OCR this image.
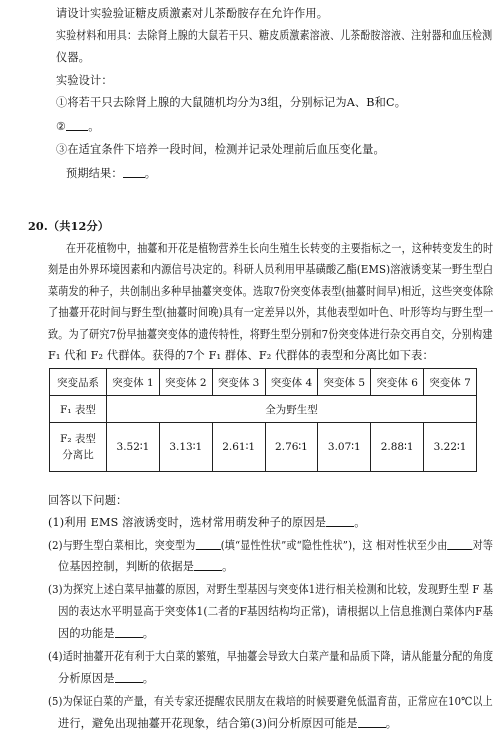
请设计实验验证糖皮质激素对儿茶酚胺存在允许作用。
实验材料和用具：去除肾上腺的大鼠若干只、糖皮质激素溶液、儿茶酚胺溶液、注射器和血压检测
仪器。
实验设计：
①将若干只去除肾上腺的大鼠随机均分为3组，分别标记为A、B和C。
② 。
③在适宜条件下培养一段时间，检测并记录处理前后血压变化量。
预期结果： 。
20.（共12分）
在开花植物中，抽薹和开花是植物营养生长向生殖生长转变的主要指标之一，这种转变发生的时
刻是由外界环境因素和内源信号决定的。科研人员利用甲基磺酸乙酯(EMS)溶液诱变某一野生型白
菜萌发的种子，共创制出多种早抽薹突变体。选取7份突变体表型(抽薹时间早)相近，这些突变体除
了抽薹开花时间与野生型(抽薹时间晚)具有一定差异以外，其他表型如叶色、叶形等均与野生型一
致。为了研究7份早抽薹突变体的遗传特性，将野生型分别和7份突变体进行杂交再自交，分别构建
F₁ 代和 F₂ 代群体。获得的7个 F₁ 群体、F₂ 代群体的表型和分离比如下表：
突变品系	突变体 1	突变体 2	突变体 3	突变体 4	突变体 5	突变体 6	突变体 7
F₁ 表型	全为野生型						

F₂ 表型
分离比	3.52∶1	3.13∶1	2.61∶1	2.76∶1	3.07∶1	2.88∶1	3.22∶1
回答以下问题：
(1)利用 EMS 溶液诱变时，选材常用萌发种子的原因是	。
(2)与野生型白菜相比，突变型为 (填“显性性状”或“隐性性状”)，这 相对性状至少由 对等
位基因控制，判断的依据是	。
(3)为探究上述白菜早抽薹的原因，对野生型基因与突变体1进行相关检测和比较，发现野生型 F 基
因的表达水平明显高于突变体1(二者的F基因结构均正常)，请根据以上信息推测白菜体内F基
因的功能是	。
(4)适时抽薹开花有利于大白菜的繁殖，早抽薹会导致大白菜产量和品质下降，请从能量分配的角度
分析原因是	。
(5)为保证白菜的产量，有关专家还提醒农民朋友在栽培的时候要避免低温育苗，正常应在10℃以上
进行，避免出现抽薹开花现象，结合第(3)问分析原因可能是	。
